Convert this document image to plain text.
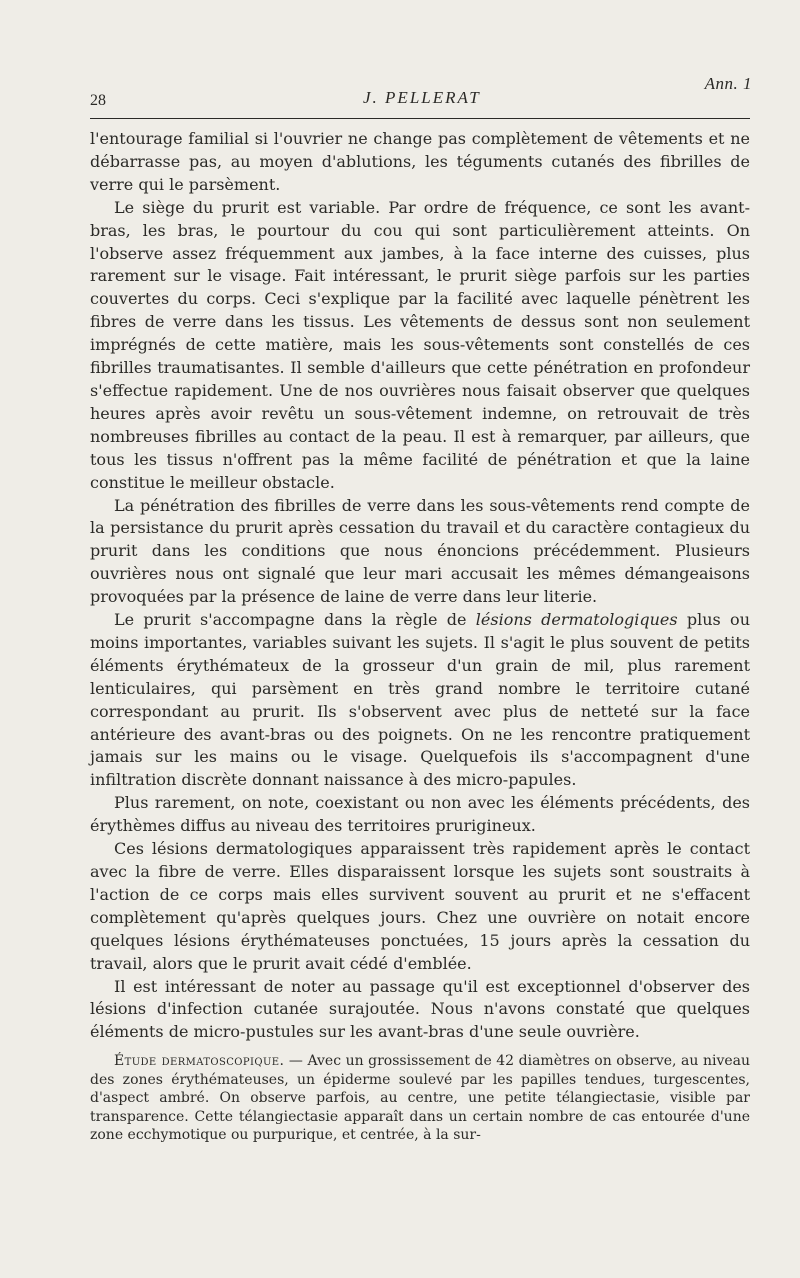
Ann. 1
28	J. PELLERAT

l'entourage familial si l'ouvrier ne change pas complètement de vêtements et ne débarrasse pas, au moyen d'ablutions, les téguments cutanés des fibrilles de verre qui le parsèment.

Le siège du prurit est variable. Par ordre de fréquence, ce sont les avant-bras, les bras, le pourtour du cou qui sont particulièrement atteints. On l'observe assez fréquemment aux jambes, à la face interne des cuisses, plus rarement sur le visage. Fait intéressant, le prurit siège parfois sur les parties couvertes du corps. Ceci s'explique par la facilité avec laquelle pénètrent les fibres de verre dans les tissus. Les vêtements de dessus sont non seulement imprégnés de cette matière, mais les sous-vêtements sont constellés de ces fibrilles traumatisantes. Il semble d'ailleurs que cette pénétration en profondeur s'effectue rapidement. Une de nos ouvrières nous faisait observer que quelques heures après avoir revêtu un sous-vêtement indemne, on retrouvait de très nombreuses fibrilles au contact de la peau. Il est à remarquer, par ailleurs, que tous les tissus n'offrent pas la même facilité de pénétration et que la laine constitue le meilleur obstacle.

La pénétration des fibrilles de verre dans les sous-vêtements rend compte de la persistance du prurit après cessation du travail et du caractère contagieux du prurit dans les conditions que nous énoncions précédemment. Plusieurs ouvrières nous ont signalé que leur mari accusait les mêmes démangeaisons provoquées par la présence de laine de verre dans leur literie.

Le prurit s'accompagne dans la règle de lésions dermatologiques plus ou moins importantes, variables suivant les sujets. Il s'agit le plus souvent de petits éléments érythémateux de la grosseur d'un grain de mil, plus rarement lenticulaires, qui parsèment en très grand nombre le territoire cutané correspondant au prurit. Ils s'observent avec plus de netteté sur la face antérieure des avant-bras ou des poignets. On ne les rencontre pratiquement jamais sur les mains ou le visage. Quelquefois ils s'accompagnent d'une infiltration discrète donnant naissance à des micro-papules.

Plus rarement, on note, coexistant ou non avec les éléments précédents, des érythèmes diffus au niveau des territoires prurigineux.

Ces lésions dermatologiques apparaissent très rapidement après le contact avec la fibre de verre. Elles disparaissent lorsque les sujets sont soustraits à l'action de ce corps mais elles survivent souvent au prurit et ne s'effacent complètement qu'après quelques jours. Chez une ouvrière on notait encore quelques lésions érythémateuses ponctuées, 15 jours après la cessation du travail, alors que le prurit avait cédé d'emblée.

Il est intéressant de noter au passage qu'il est exceptionnel d'observer des lésions d'infection cutanée surajoutée. Nous n'avons constaté que quelques éléments de micro-pustules sur les avant-bras d'une seule ouvrière.

Étude dermatoscopique. — Avec un grossissement de 42 diamètres on observe, au niveau des zones érythémateuses, un épiderme soulevé par les papilles tendues, turgescentes, d'aspect ambré. On observe parfois, au centre, une petite télangiectasie, visible par transparence. Cette télangiectasie apparaît dans un certain nombre de cas entourée d'une zone ecchymotique ou purpurique, et centrée, à la sur-
